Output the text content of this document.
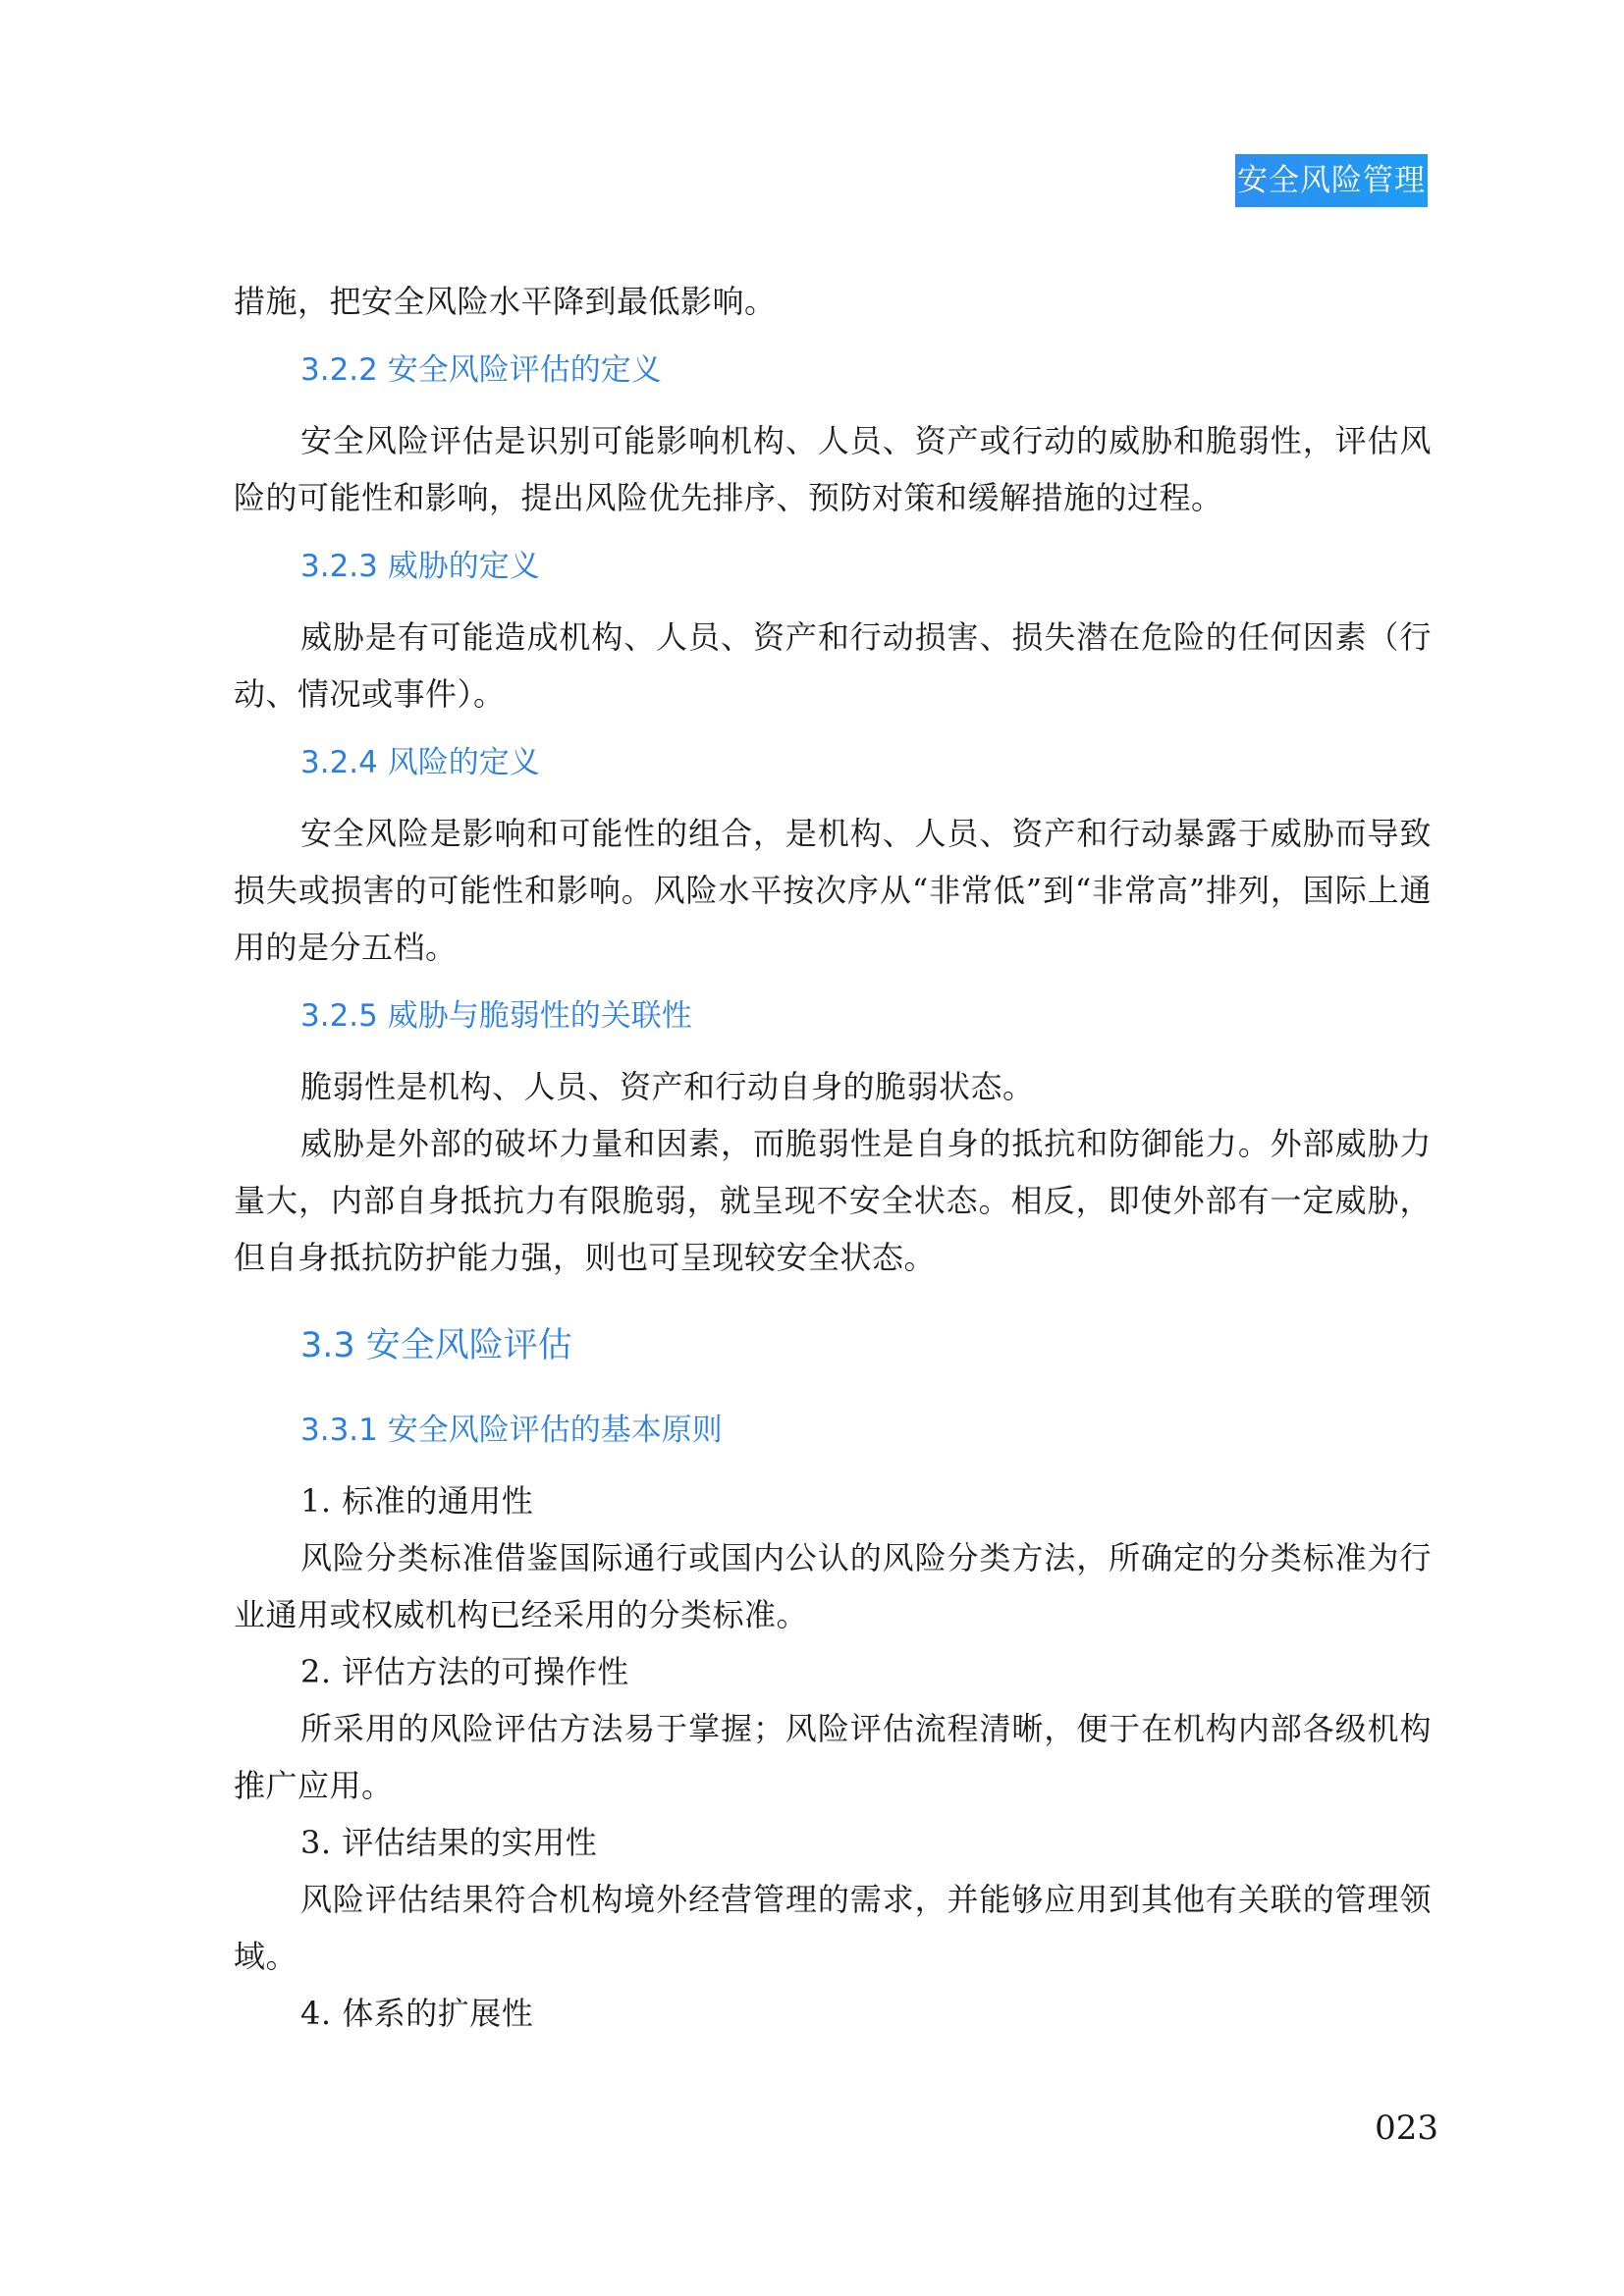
安全风险管理

措施，把安全风险水平降到最低影响。

3.2.2 安全风险评估的定义

安全风险评估是识别可能影响机构、人员、资产或行动的威胁和脆弱性，评估风险的可能性和影响，提出风险优先排序、预防对策和缓解措施的过程。

3.2.3 威胁的定义

威胁是有可能造成机构、人员、资产和行动损害、损失潜在危险的任何因素（行动、情况或事件）。

3.2.4 风险的定义

安全风险是影响和可能性的组合，是机构、人员、资产和行动暴露于威胁而导致损失或损害的可能性和影响。风险水平按次序从“非常低”到“非常高”排列，国际上通用的是分五档。

3.2.5 威胁与脆弱性的关联性

脆弱性是机构、人员、资产和行动自身的脆弱状态。

威胁是外部的破坏力量和因素，而脆弱性是自身的抵抗和防御能力。外部威胁力量大，内部自身抵抗力有限脆弱，就呈现不安全状态。相反，即使外部有一定威胁，但自身抵抗防护能力强，则也可呈现较安全状态。

3.3 安全风险评估
3.3.1 安全风险评估的基本原则

1. 标准的通用性

风险分类标准借鉴国际通行或国内公认的风险分类方法，所确定的分类标准为行业通用或权威机构已经采用的分类标准。

2. 评估方法的可操作性

所采用的风险评估方法易于掌握；风险评估流程清晰，便于在机构内部各级机构推广应用。

3. 评估结果的实用性

风险评估结果符合机构境外经营管理的需求，并能够应用到其他有关联的管理领域。

4. 体系的扩展性

023
